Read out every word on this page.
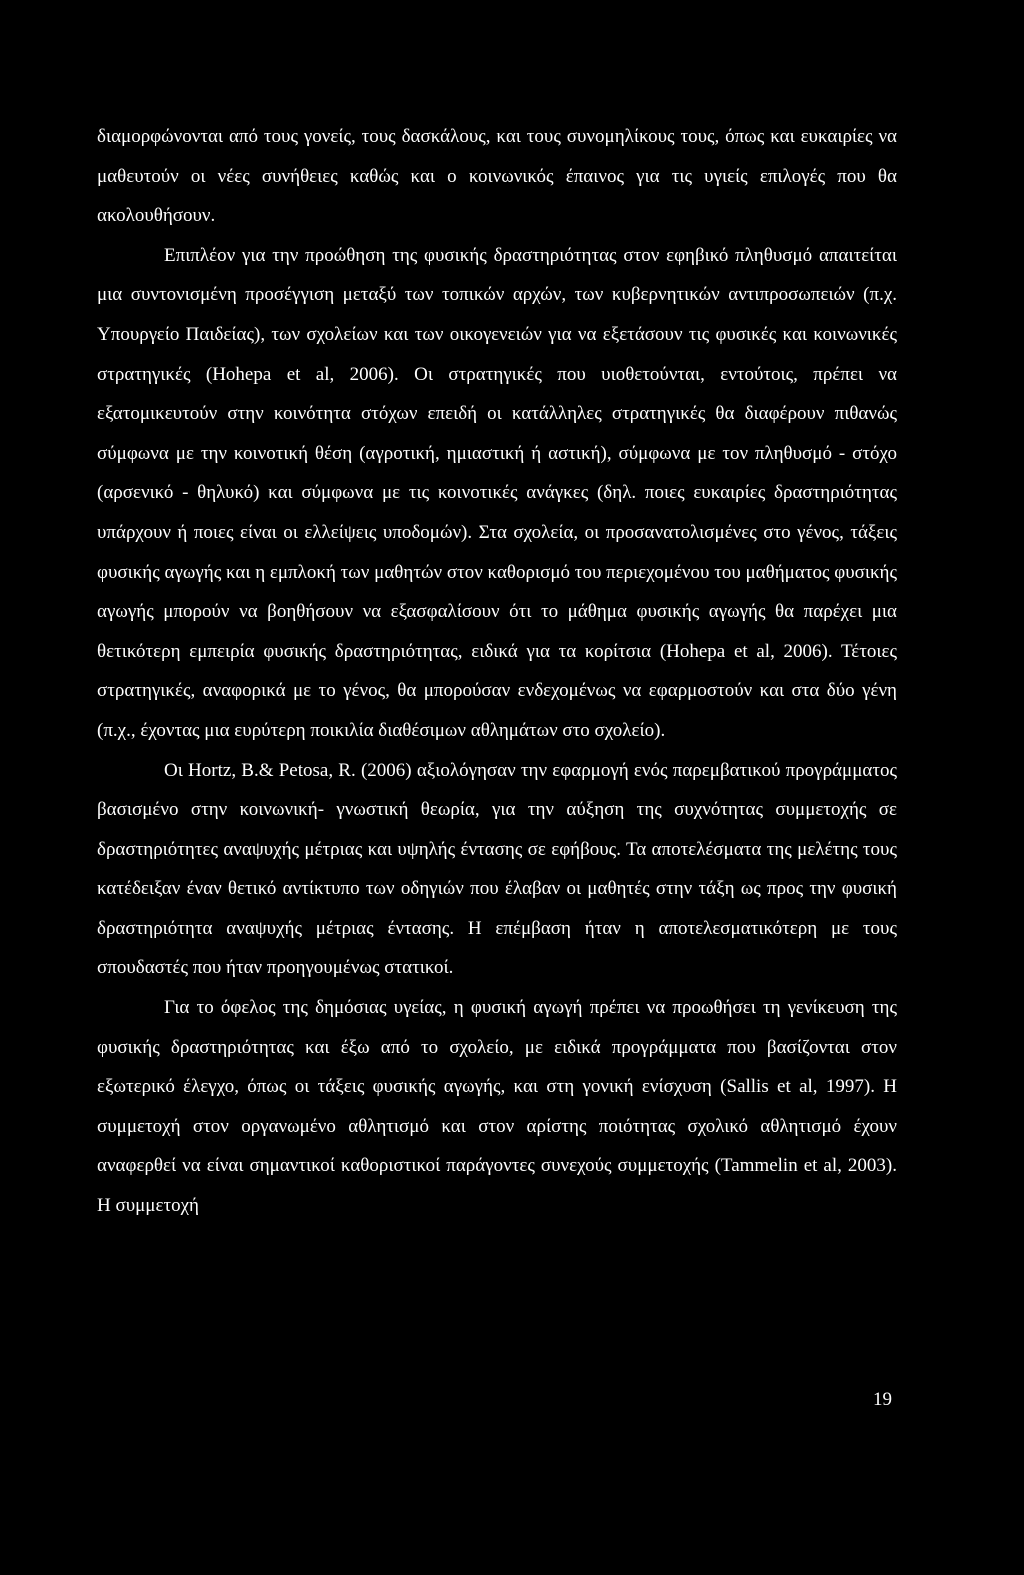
διαμορφώνονται από τους γονείς, τους δασκάλους, και τους συνομηλίκους τους, όπως και ευκαιρίες να μαθευτούν οι νέες συνήθειες καθώς και ο κοινωνικός έπαινος για τις υγιείς επιλογές που θα ακολουθήσουν.

Επιπλέον για την προώθηση της φυσικής δραστηριότητας στον εφηβικό πληθυσμό απαιτείται μια συντονισμένη προσέγγιση μεταξύ των τοπικών αρχών, των κυβερνητικών αντιπροσωπειών (π.χ. Υπουργείο Παιδείας), των σχολείων και των οικογενειών για να εξετάσουν τις φυσικές και κοινωνικές στρατηγικές (Hohepa et al, 2006). Οι στρατηγικές που υιοθετούνται, εντούτοις, πρέπει να εξατομικευτούν στην κοινότητα στόχων επειδή οι κατάλληλες στρατηγικές θα διαφέρουν πιθανώς σύμφωνα με την κοινοτική θέση (αγροτική, ημιαστική ή αστική), σύμφωνα με τον πληθυσμό - στόχο (αρσενικό - θηλυκό) και σύμφωνα με τις κοινοτικές ανάγκες (δηλ. ποιες ευκαιρίες δραστηριότητας υπάρχουν ή ποιες είναι οι ελλείψεις υποδομών). Στα σχολεία, οι προσανατολισμένες στο γένος, τάξεις φυσικής αγωγής και η εμπλοκή των μαθητών στον καθορισμό του περιεχομένου του μαθήματος φυσικής αγωγής μπορούν να βοηθήσουν να εξασφαλίσουν ότι το μάθημα φυσικής αγωγής θα παρέχει μια θετικότερη εμπειρία φυσικής δραστηριότητας, ειδικά για τα κορίτσια (Hohepa et al, 2006). Τέτοιες στρατηγικές, αναφορικά με το γένος, θα μπορούσαν ενδεχομένως να εφαρμοστούν και στα δύο γένη (π.χ., έχοντας μια ευρύτερη ποικιλία διαθέσιμων αθλημάτων στο σχολείο).

Οι Hortz, B.& Petosa, R. (2006) αξιολόγησαν την εφαρμογή ενός παρεμβατικού προγράμματος βασισμένο στην κοινωνική- γνωστική θεωρία, για την αύξηση της συχνότητας συμμετοχής σε δραστηριότητες αναψυχής μέτριας και υψηλής έντασης σε εφήβους. Τα αποτελέσματα της μελέτης τους κατέδειξαν έναν θετικό αντίκτυπο των οδηγιών που έλαβαν οι μαθητές στην τάξη ως προς την φυσική δραστηριότητα αναψυχής μέτριας έντασης. Η επέμβαση ήταν η αποτελεσματικότερη με τους σπουδαστές που ήταν προηγουμένως στατικοί.

Για το όφελος της δημόσιας υγείας, η φυσική αγωγή πρέπει να προωθήσει τη γενίκευση της φυσικής δραστηριότητας και έξω από το σχολείο, με ειδικά προγράμματα που βασίζονται στον εξωτερικό έλεγχο, όπως οι τάξεις φυσικής αγωγής, και στη γονική ενίσχυση (Sallis et al, 1997). Η συμμετοχή στον οργανωμένο αθλητισμό και στον αρίστης ποιότητας σχολικό αθλητισμό έχουν αναφερθεί να είναι σημαντικοί καθοριστικοί παράγοντες συνεχούς συμμετοχής (Tammelin et al, 2003). Η συμμετοχή

19
